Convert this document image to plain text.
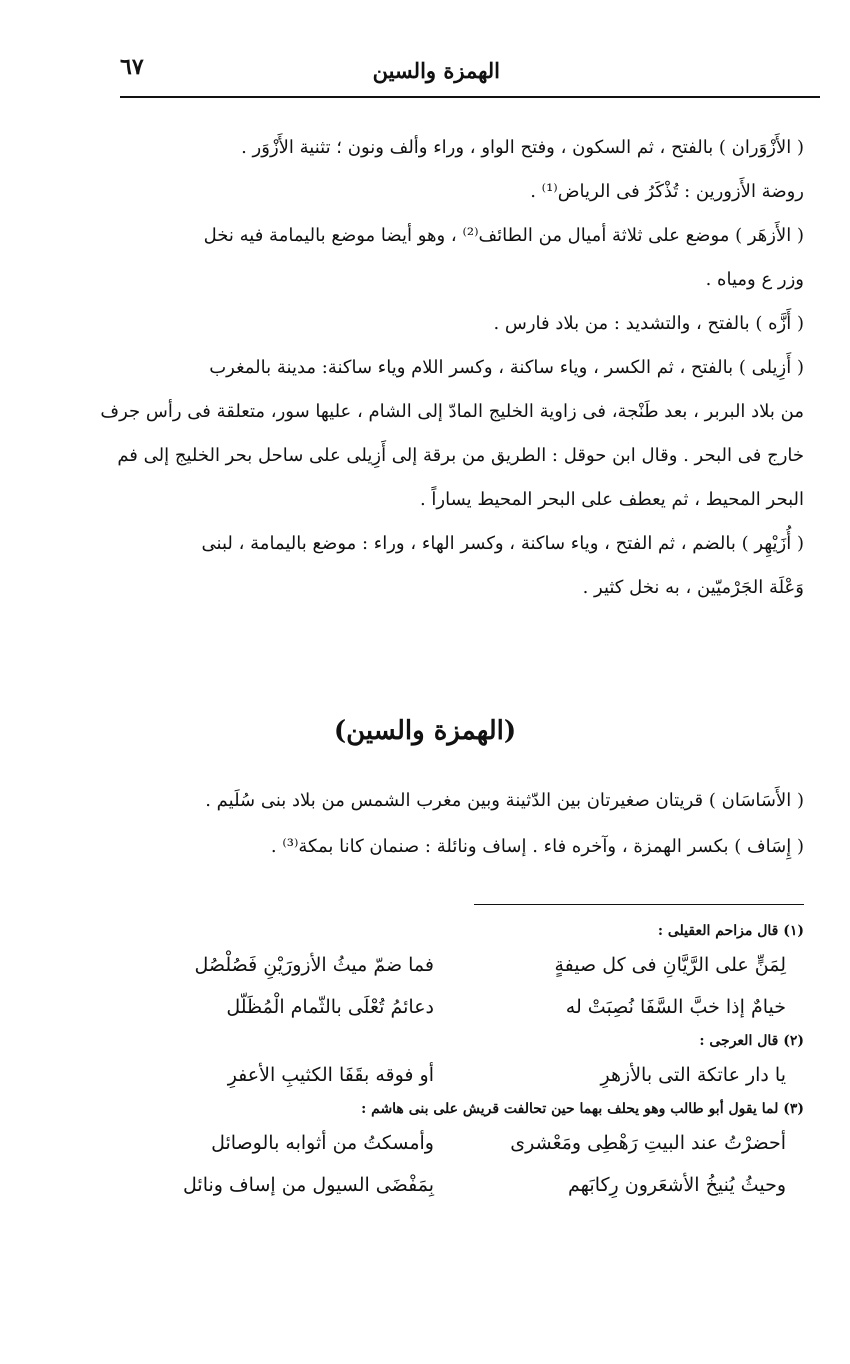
الهمزة والسين
٦٧

( الأَزْوَران ) بالفتح ، ثم السكون ، وفتح الواو ، وراء وألف ونون ؛ تثنية الأَزْوَر .

روضة الأَزورين : تُذْكَرُ فى الرياض⁽¹⁾ .

( الأَزهَر ) موضع على ثلاثة أميال من الطائف⁽²⁾ ، وهو أيضا موضع باليمامة فيه نخل

وزر ع ومياه .

( أَزَّه ) بالفتح ، والتشديد : من بلاد فارس .

( أَزِيلى ) بالفتح ، ثم الكسر ، وياء ساكنة ، وكسر اللام وياء ساكنة: مدينة بالمغرب

من بلاد البربر ، بعد طَنْجة، فى زاوية الخليج المادّ إلى الشام ، عليها سور، متعلقة فى رأس جرف

خارج فى البحر . وقال ابن حوقل : الطريق من برقة إلى أَزِيلى على ساحل بحر الخليج إلى فم

البحر المحيط ، ثم يعطف على البحر المحيط يساراً .

( أُزَيْهِر ) بالضم ، ثم الفتح ، وياء ساكنة ، وكسر الهاء ، وراء : موضع باليمامة ، لبنى

وَعْلَة الجَرْميّين ، به نخل كثير .

(الهمزة والسين)

( الأَسَاسَان ) قريتان صغيرتان بين الدّثينة وبين مغرب الشمس من بلاد بنى سُلَيم .

( إِسَاف ) بكسر الهمزة ، وآخره فاء . إساف ونائلة : صنمان كانا بمكة⁽³⁾ .

(١) قال مزاحم العقيلى :
لِمَنٍّ على الرَّيَّانِ فى كل صيفةٍ
فما ضمّ ميثُ الأزورَيْنِ فَصُلْصُل
خيامٌ إذا خبَّ السَّفَا نُصِبَتْ له
دعائمُ تُعْلَى بالثّمام الْمُظَلّل
(٢) قال العرجى :
يا دار عاتكة التى بالأزهرِ
أو فوقه بقَفَا الكثيبِ الأعفرِ
(٣) لما يقول أبو طالب وهو يحلف بهما حين تحالفت قريش على بنى هاشم :
أحضرْتُ عند البيتِ رَهْطِى ومَعْشرى
وأمسكتُ من أثوابه بالوصائل
وحيثُ يُنيخُ الأشعَرون رِكابَهم
بِمَفْضَى السيول من إساف ونائل
